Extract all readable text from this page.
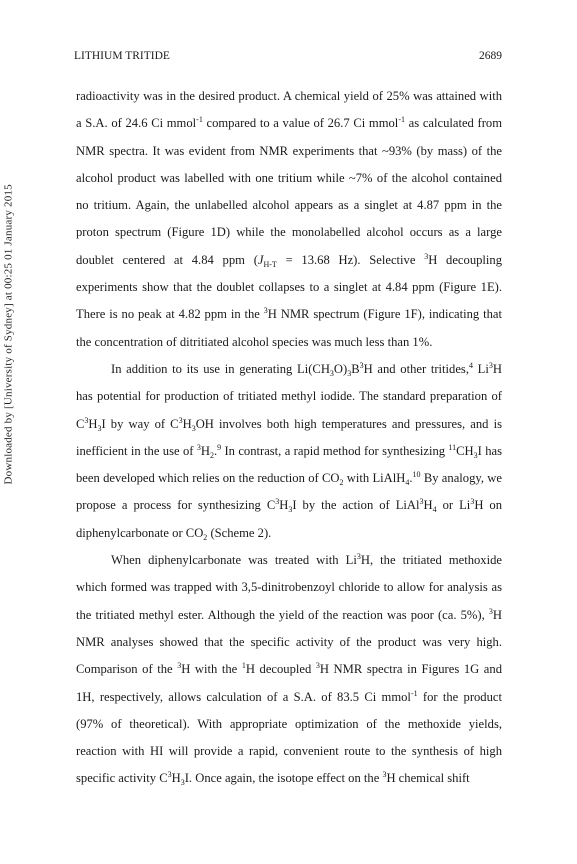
Downloaded by [University of Sydney] at 00:25 01 January 2015
LITHIUM TRITIDE	2689

radioactivity was in the desired product. A chemical yield of 25% was attained with a S.A. of 24.6 Ci mmol$^{-1}$ compared to a value of 26.7 Ci mmol$^{-1}$ as calculated from NMR spectra. It was evident from NMR experiments that ~93% (by mass) of the alcohol product was labelled with one tritium while ~7% of the alcohol contained no tritium. Again, the unlabelled alcohol appears as a singlet at 4.87 ppm in the proton spectrum (Figure 1D) while the monolabelled alcohol occurs as a large doublet centered at 4.84 ppm ($J_{H-T} = 13.68$ Hz). Selective $^3$H decoupling experiments show that the doublet collapses to a singlet at 4.84 ppm (Figure 1E). There is no peak at 4.82 ppm in the $^3$H NMR spectrum (Figure 1F), indicating that the concentration of ditritiated alcohol species was much less than 1%.

In addition to its use in generating $Li(CH_3O)_3B^3H$ and other tritides,$^4$ Li$^3$H has potential for production of tritiated methyl iodide. The standard preparation of $C^3H_3I$ by way of $C^3H_3OH$ involves both high temperatures and pressures, and is inefficient in the use of $^3H_2.^9$ In contrast, a rapid method for synthesizing $^{11}CH_3I$ has been developed which relies on the reduction of $CO_2$ with LiAlH$_4$.$^{10}$ By analogy, we propose a process for synthesizing $C^3H_3I$ by the action of $LiAl^3H_4$ or Li$^3$H on diphenylcarbonate or $CO_2$ (Scheme 2).

When diphenylcarbonate was treated with Li$^3$H, the tritiated methoxide which formed was trapped with 3,5-dinitrobenzoyl chloride to allow for analysis as the tritiated methyl ester. Although the yield of the reaction was poor (ca. 5%), $^3$H NMR analyses showed that the specific activity of the product was very high. Comparison of the $^3$H with the $^1$H decoupled $^3$H NMR spectra in Figures 1G and 1H, respectively, allows calculation of a S.A. of 83.5 Ci mmol$^{-1}$ for the product (97% of theoretical). With appropriate optimization of the methoxide yields, reaction with HI will provide a rapid, convenient route to the synthesis of high specific activity $C^3H_3I$. Once again, the isotope effect on the $^3$H chemical shift
